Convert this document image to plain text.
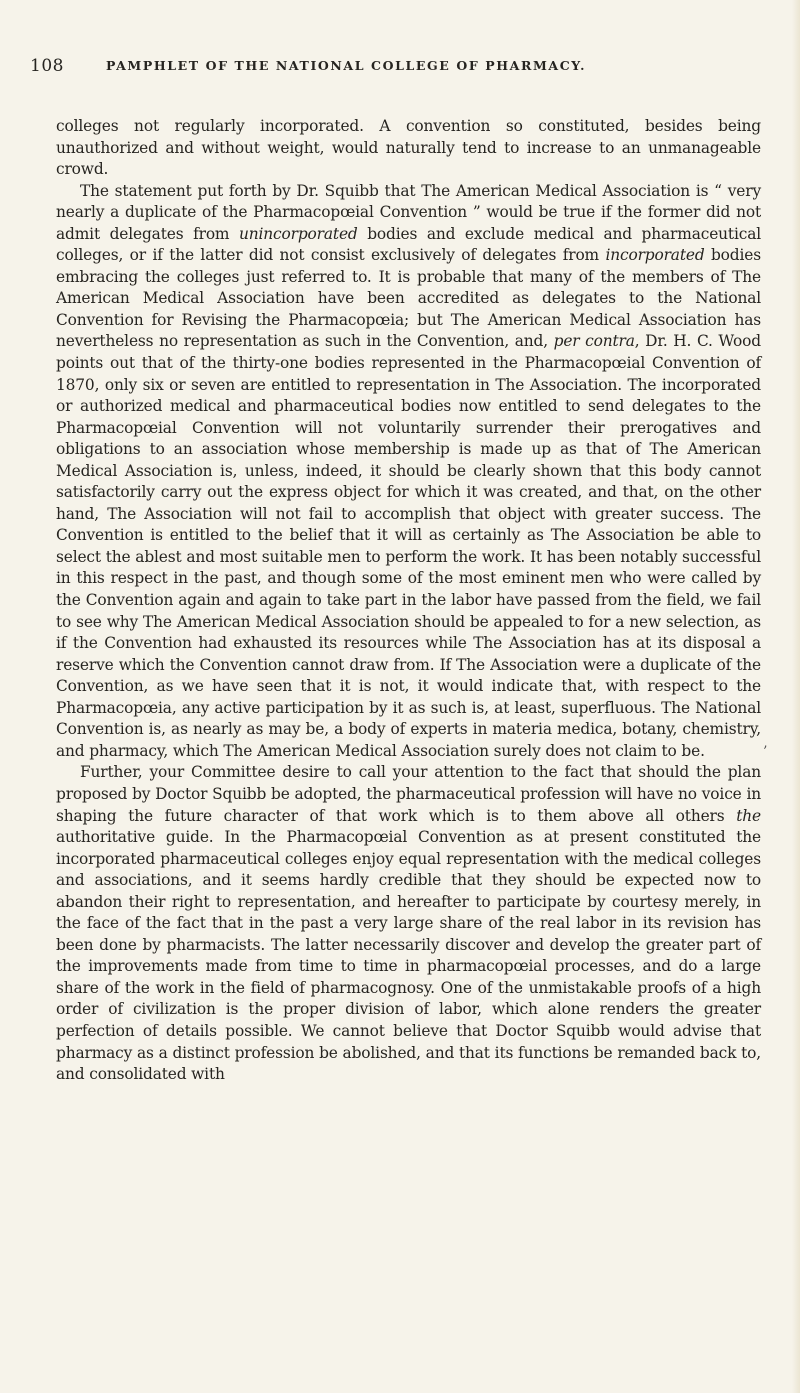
108	PAMPHLET OF THE NATIONAL COLLEGE OF PHARMACY.

colleges not regularly incorporated. A convention so constituted, besides being unauthorized and without weight, would naturally tend to increase to an unmanageable crowd.

The statement put forth by Dr. Squibb that The American Medical Association is “ very nearly a duplicate of the Pharmacopœial Convention ” would be true if the former did not admit delegates from unincorporated bodies and exclude medical and pharmaceutical colleges, or if the latter did not consist exclusively of delegates from incorporated bodies embracing the colleges just referred to. It is probable that many of the members of The American Medical Association have been accredited as delegates to the National Convention for Revising the Pharmacopœia; but The American Medical Association has nevertheless no representation as such in the Convention, and, per contra, Dr. H. C. Wood points out that of the thirty-one bodies represented in the Pharmacopœial Convention of 1870, only six or seven are entitled to representation in The Association. The incorporated or authorized medical and pharmaceutical bodies now entitled to send delegates to the Pharmacopœial Convention will not voluntarily surrender their prerogatives and obligations to an association whose membership is made up as that of The American Medical Association is, unless, indeed, it should be clearly shown that this body cannot satisfactorily carry out the express object for which it was created, and that, on the other hand, The Association will not fail to accomplish that object with greater success. The Convention is entitled to the belief that it will as certainly as The Association be able to select the ablest and most suitable men to perform the work. It has been notably successful in this respect in the past, and though some of the most eminent men who were called by the Convention again and again to take part in the labor have passed from the field, we fail to see why The American Medical Association should be appealed to for a new selection, as if the Convention had exhausted its resources while The Association has at its disposal a reserve which the Convention cannot draw from. If The Association were a duplicate of the Convention, as we have seen that it is not, it would indicate that, with respect to the Pharmacopœia, any active participation by it as such is, at least, superfluous. The National Convention is, as nearly as may be, a body of experts in materia medica, botany, chemistry, and pharmacy, which The American Medical Association surely does not claim to be.

Further, your Committee desire to call your attention to the fact that should the plan proposed by Doctor Squibb be adopted, the pharmaceutical profession will have no voice in shaping the future character of that work which is to them above all others the authoritative guide. In the Pharmacopœial Convention as at present constituted the incorporated pharmaceutical colleges enjoy equal representation with the medical colleges and associations, and it seems hardly credible that they should be expected now to abandon their right to representation, and hereafter to participate by courtesy merely, in the face of the fact that in the past a very large share of the real labor in its revision has been done by pharmacists. The latter necessarily discover and develop the greater part of the improvements made from time to time in pharmacopœial processes, and do a large share of the work in the field of pharmacognosy. One of the unmistakable proofs of a high order of civilization is the proper division of labor, which alone renders the greater perfection of details possible. We cannot believe that Doctor Squibb would advise that pharmacy as a distinct profession be abolished, and that its functions be remanded back to, and consolidated with

’
